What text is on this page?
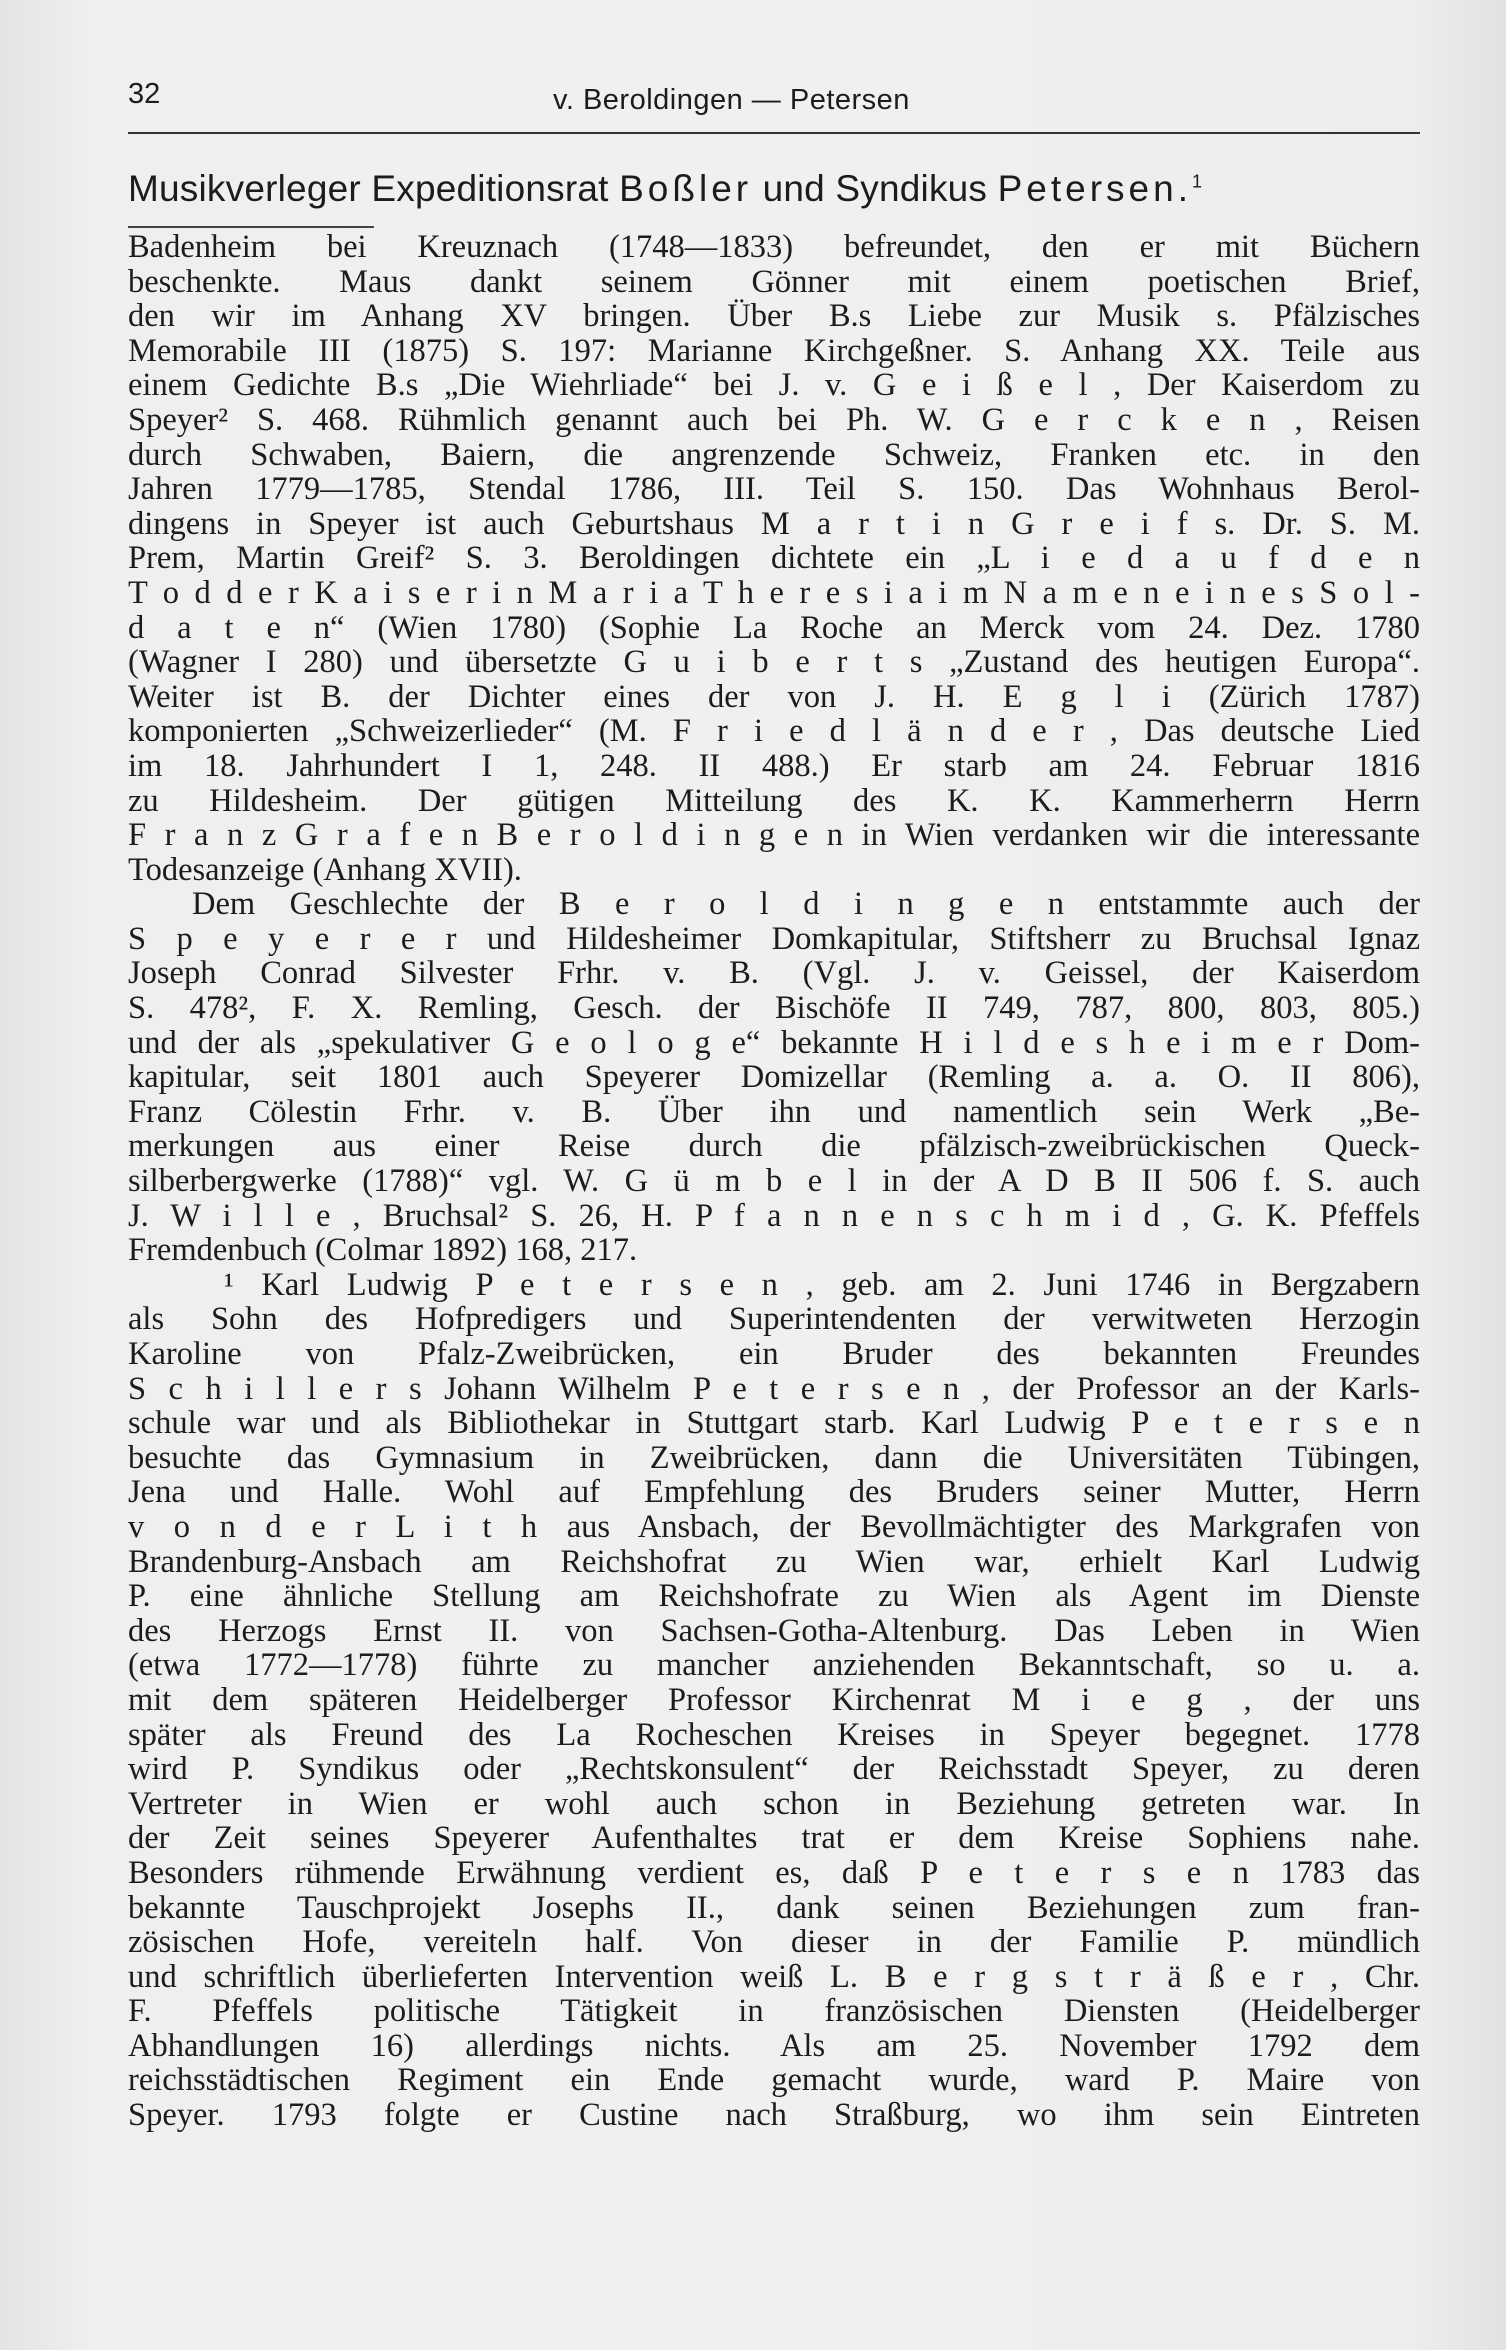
32	v. Beroldingen — Petersen
Musikverleger Expeditionsrat Boßler und Syndikus Petersen.$^1$
Badenheim bei Kreuznach (1748—1833) befreundet, den er mit Büchern
beschenkte. Maus dankt seinem Gönner mit einem poetischen Brief,
den wir im Anhang XV bringen. Über B.s Liebe zur Musik s. Pfälzisches
Memorabile III (1875) S. 197: Marianne Kirchgeßner. S. Anhang XX. Teile aus
einem Gedichte B.s „Die Wiehrliade“ bei J. v. G e i ß e l , Der Kaiserdom zu
Speyer² S. 468. Rühmlich genannt auch bei Ph. W. G e r c k e n , Reisen
durch Schwaben, Baiern, die angrenzende Schweiz, Franken etc. in den
Jahren 1779—1785, Stendal 1786, III. Teil S. 150. Das Wohnhaus Berol-
dingens in Speyer ist auch Geburtshaus M a r t i n G r e i f s. Dr. S. M.
Prem, Martin Greif² S. 3. Beroldingen dichtete ein „L i e d a u f d e n
T o d d e r K a i s e r i n M a r i a T h e r e s i a i m N a m e n e i n e s S o l -
d a t e n“ (Wien 1780) (Sophie La Roche an Merck vom 24. Dez. 1780
(Wagner I 280) und übersetzte G u i b e r t s „Zustand des heutigen Europa“.
Weiter ist B. der Dichter eines der von J. H. E g l i (Zürich 1787)
komponierten „Schweizerlieder“ (M. F r i e d l ä n d e r , Das deutsche Lied
im 18. Jahrhundert I 1, 248. II 488.) Er starb am 24. Februar 1816
zu Hildesheim. Der gütigen Mitteilung des K. K. Kammerherrn Herrn
F r a n z G r a f e n B e r o l d i n g e n in Wien verdanken wir die interessante
Todesanzeige (Anhang XVII).
Dem Geschlechte der B e r o l d i n g e n entstammte auch der
S p e y e r e r und Hildesheimer Domkapitular, Stiftsherr zu Bruchsal Ignaz
Joseph Conrad Silvester Frhr. v. B. (Vgl. J. v. Geissel, der Kaiserdom
S. 478², F. X. Remling, Gesch. der Bischöfe II 749, 787, 800, 803, 805.)
und der als „spekulativer G e o l o g e“ bekannte H i l d e s h e i m e r Dom-
kapitular, seit 1801 auch Speyerer Domizellar (Remling a. a. O. II 806),
Franz Cölestin Frhr. v. B. Über ihn und namentlich sein Werk „Be-
merkungen aus einer Reise durch die pfälzisch-zweibrückischen Queck-
silberbergwerke (1788)“ vgl. W. G ü m b e l in der A D B II 506 f. S. auch
J. W i l l e , Bruchsal² S. 26, H. P f a n n e n s c h m i d , G. K. Pfeffels
Fremdenbuch (Colmar 1892) 168, 217.
¹ Karl Ludwig P e t e r s e n , geb. am 2. Juni 1746 in Bergzabern
als Sohn des Hofpredigers und Superintendenten der verwitweten Herzogin
Karoline von Pfalz-Zweibrücken, ein Bruder des bekannten Freundes
S c h i l l e r s Johann Wilhelm P e t e r s e n , der Professor an der Karls-
schule war und als Bibliothekar in Stuttgart starb. Karl Ludwig P e t e r s e n
besuchte das Gymnasium in Zweibrücken, dann die Universitäten Tübingen,
Jena und Halle. Wohl auf Empfehlung des Bruders seiner Mutter, Herrn
v o n d e r L i t h aus Ansbach, der Bevollmächtigter des Markgrafen von
Brandenburg-Ansbach am Reichshofrat zu Wien war, erhielt Karl Ludwig
P. eine ähnliche Stellung am Reichshofrate zu Wien als Agent im Dienste
des Herzogs Ernst II. von Sachsen-Gotha-Altenburg. Das Leben in Wien
(etwa 1772—1778) führte zu mancher anziehenden Bekanntschaft, so u. a.
mit dem späteren Heidelberger Professor Kirchenrat M i e g , der uns
später als Freund des La Rocheschen Kreises in Speyer begegnet. 1778
wird P. Syndikus oder „Rechtskonsulent“ der Reichsstadt Speyer, zu deren
Vertreter in Wien er wohl auch schon in Beziehung getreten war. In
der Zeit seines Speyerer Aufenthaltes trat er dem Kreise Sophiens nahe.
Besonders rühmende Erwähnung verdient es, daß P e t e r s e n 1783 das
bekannte Tauschprojekt Josephs II., dank seinen Beziehungen zum fran-
zösischen Hofe, vereiteln half. Von dieser in der Familie P. mündlich
und schriftlich überlieferten Intervention weiß L. B e r g s t r ä ß e r , Chr.
F. Pfeffels politische Tätigkeit in französischen Diensten (Heidelberger
Abhandlungen 16) allerdings nichts. Als am 25. November 1792 dem
reichsstädtischen Regiment ein Ende gemacht wurde, ward P. Maire von
Speyer. 1793 folgte er Custine nach Straßburg, wo ihm sein Eintreten
